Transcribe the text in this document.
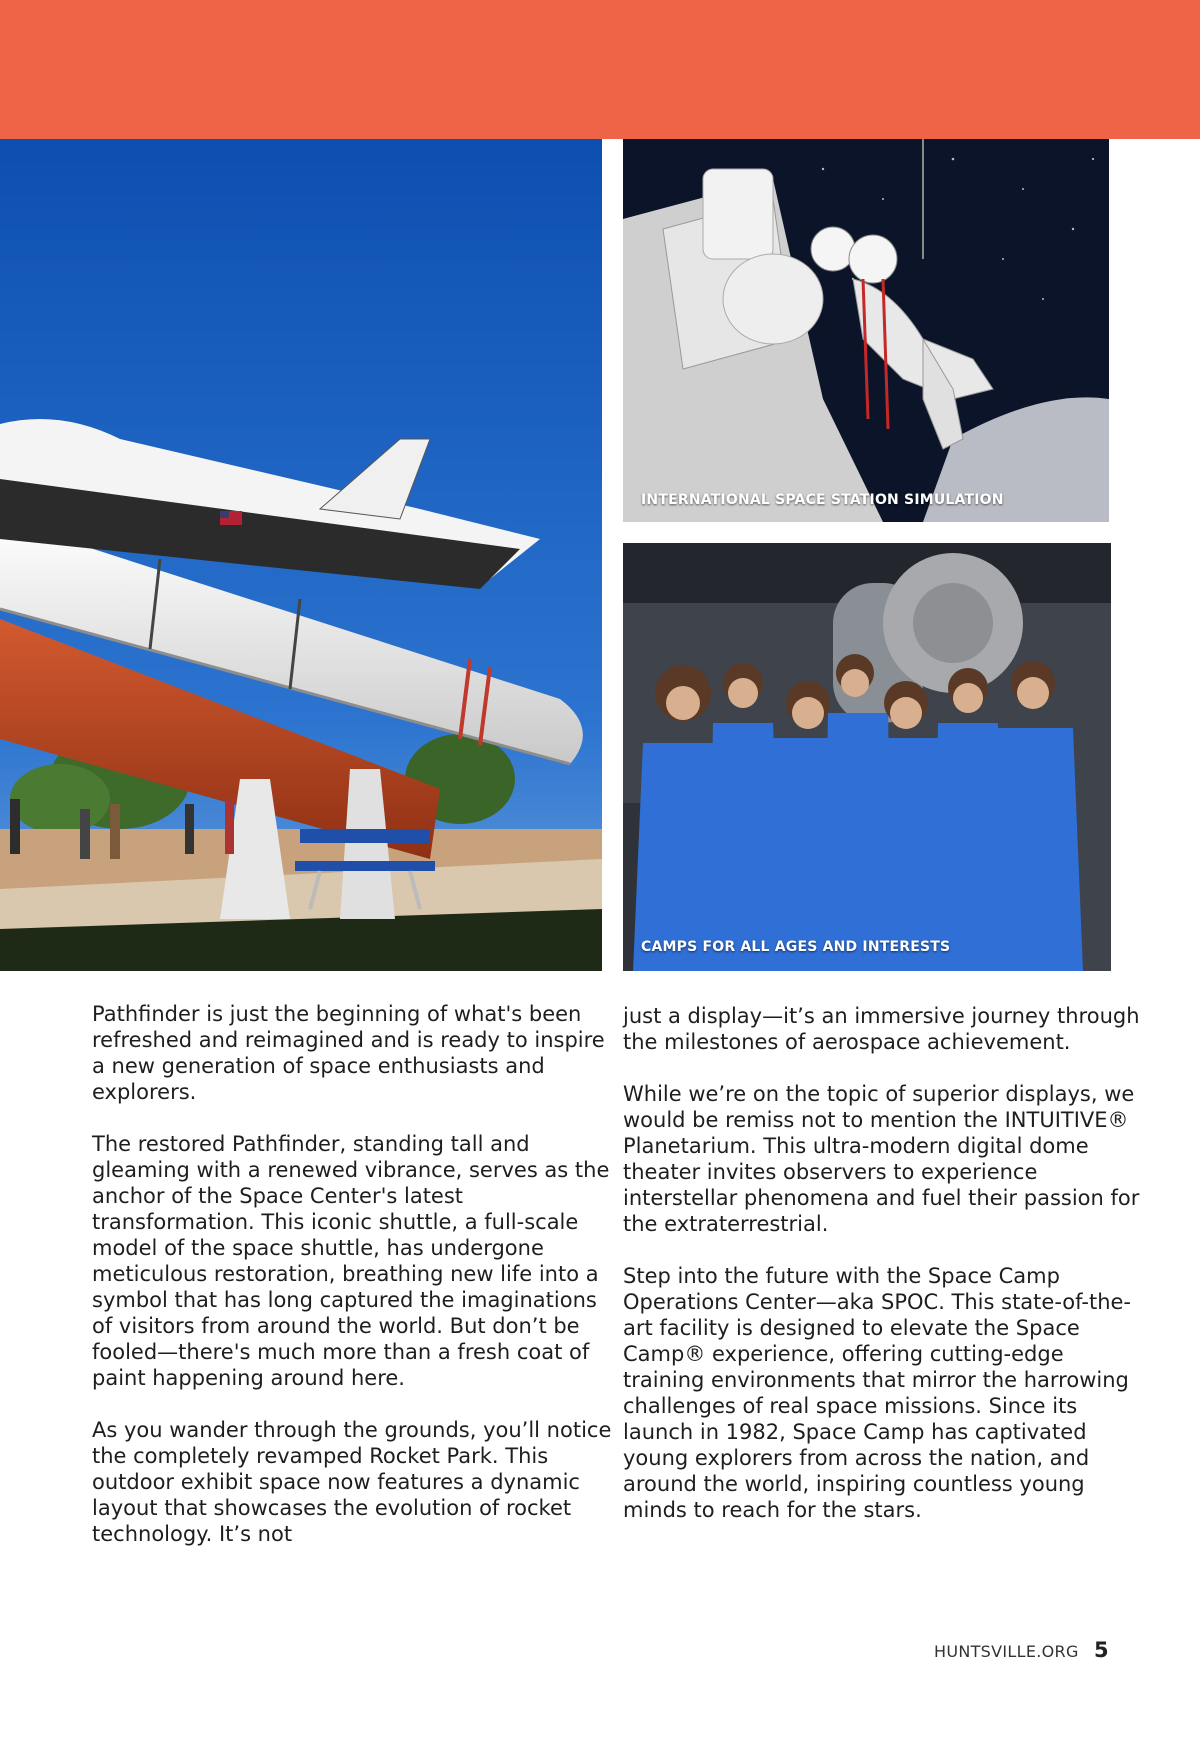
INTERNATIONAL SPACE STATION SIMULATION
CAMPS FOR ALL AGES AND INTERESTS

Pathfinder is just the beginning of what's been refreshed and reimagined and is ready to inspire a new generation of space enthusiasts and explorers.

The restored Pathfinder, standing tall and gleaming with a renewed vibrance, serves as the anchor of the Space Center's latest transformation. This iconic shuttle, a full-scale model of the space shuttle, has undergone meticulous restoration, breathing new life into a symbol that has long captured the imaginations of visitors from around the world. But don’t be fooled—there's much more than a fresh coat of paint happening around here.

As you wander through the grounds, you’ll notice the completely revamped Rocket Park. This outdoor exhibit space now features a dynamic layout that showcases the evolution of rocket technology. It’s not

just a display—it’s an immersive journey through the milestones of aerospace achievement.

While we’re on the topic of superior displays, we would be remiss not to mention the INTUITIVE® Planetarium. This ultra-modern digital dome theater invites observers to experience interstellar phenomena and fuel their passion for the extraterrestrial.

Step into the future with the Space Camp Operations Center—aka SPOC. This state-of-the-art facility is designed to elevate the Space Camp® experience, offering cutting-edge training environments that mirror the harrowing challenges of real space missions. Since its launch in 1982, Space Camp has captivated young explorers from across the nation, and around the world, inspiring countless young minds to reach for the stars.

HUNTSVILLE.ORG 5
